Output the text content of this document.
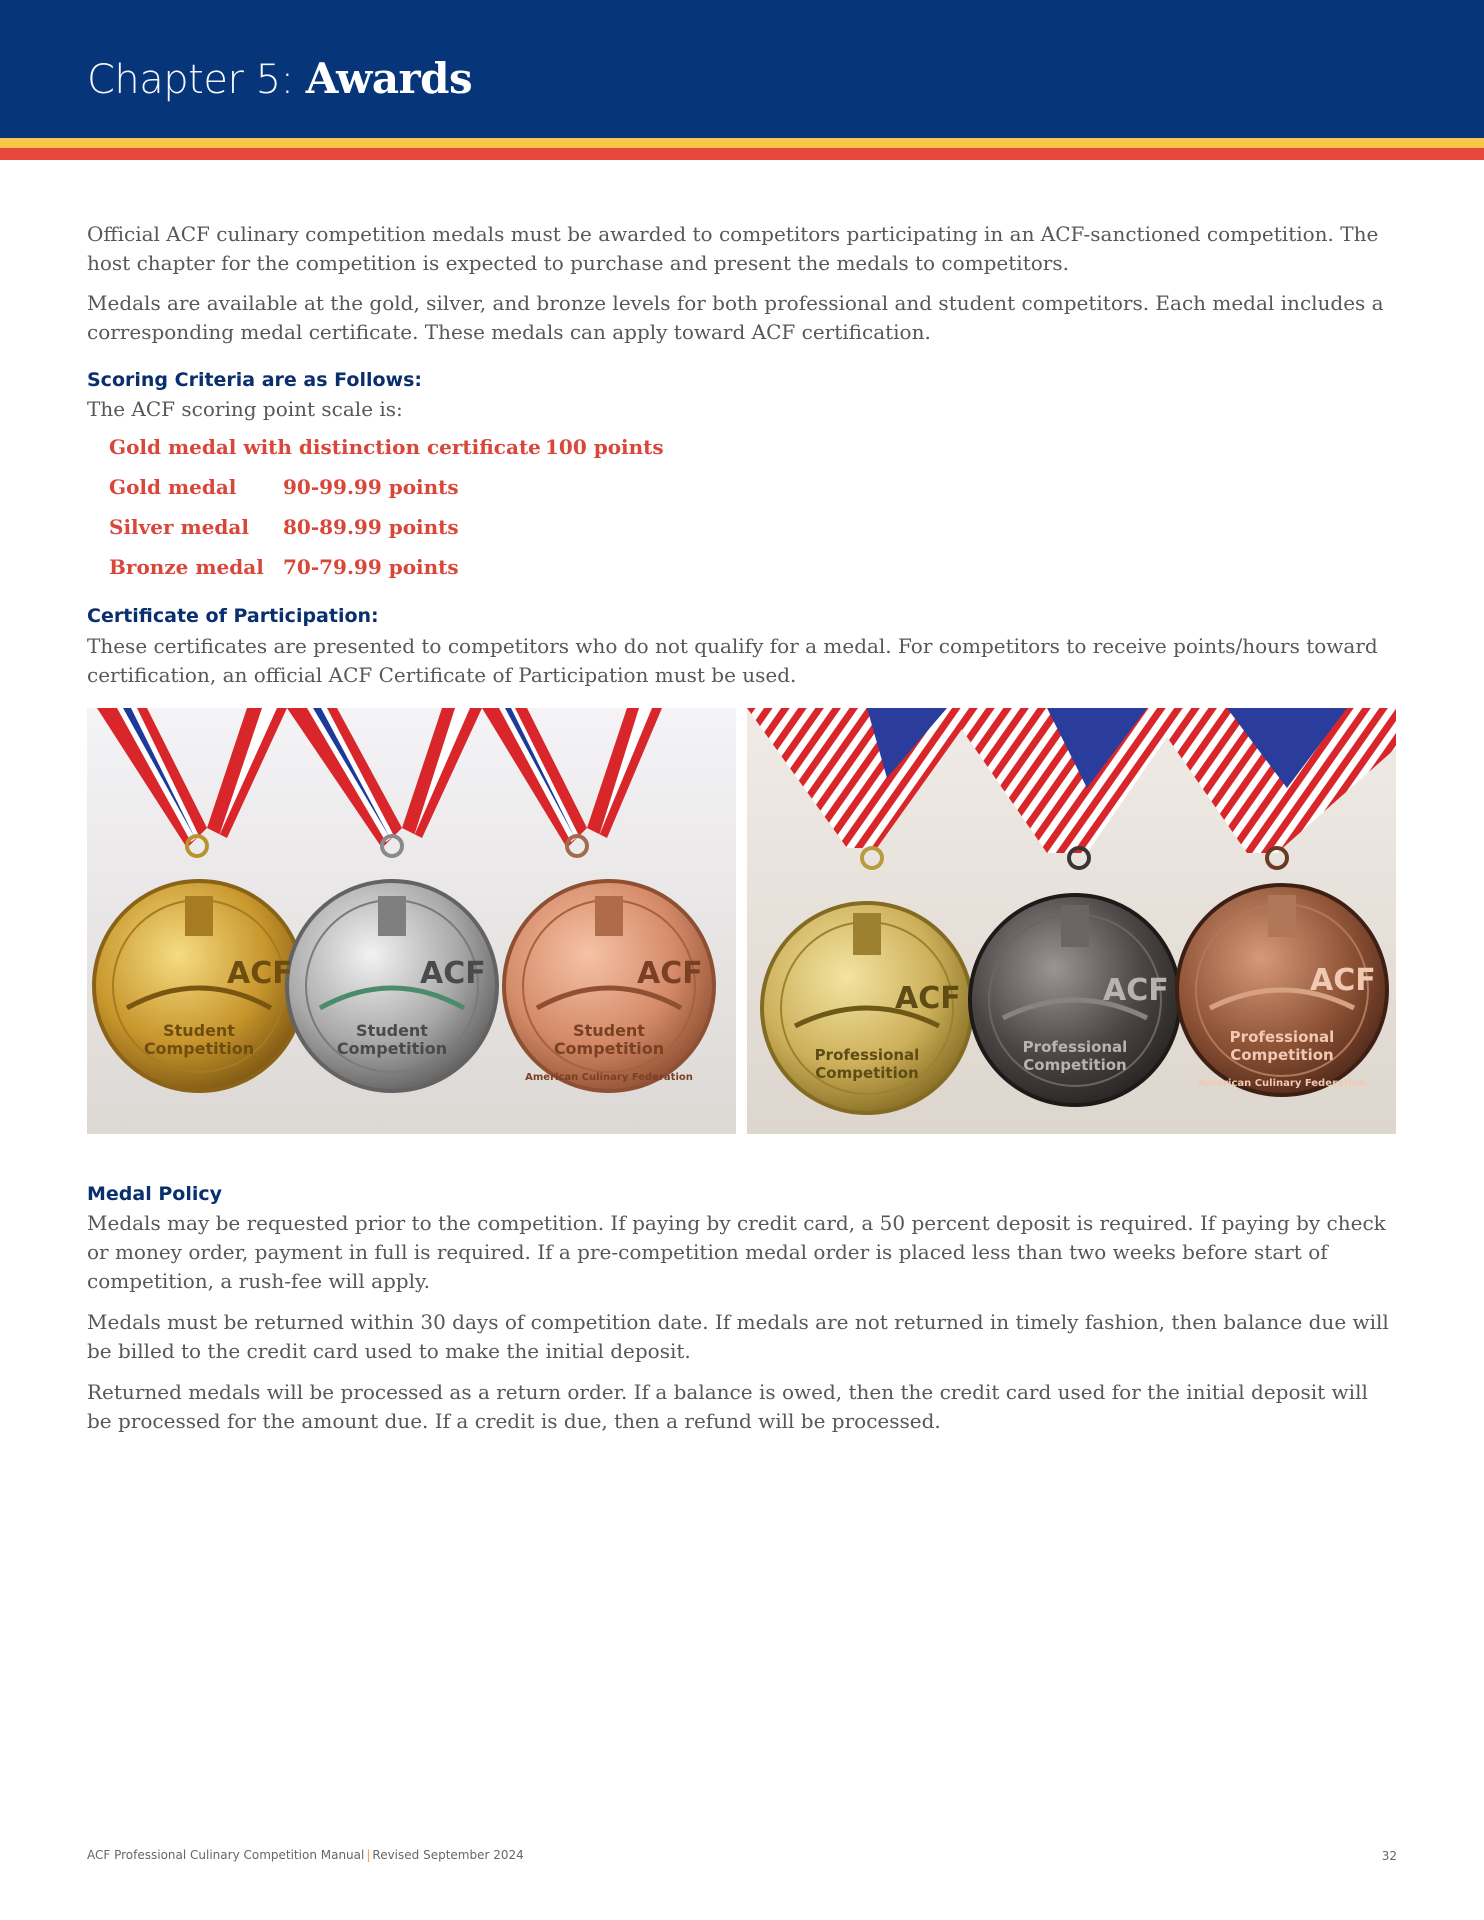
Chapter 5: Awards

Official ACF culinary competition medals must be awarded to competitors participating in an ACF-sanctioned competition. The host chapter for the competition is expected to purchase and present the medals to competitors.

Medals are available at the gold, silver, and bronze levels for both professional and student competitors. Each medal includes a corresponding medal certificate. These medals can apply toward ACF certification.

Scoring Criteria are as Follows:

The ACF scoring point scale is:

Gold medal with distinction certificate 100 points
Gold medal 90-99.99 points
Silver medal 80-89.99 points
Bronze medal 70-79.99 points
Certificate of Participation:

These certificates are presented to competitors who do not qualify for a medal. For competitors to receive points/hours toward certification, an official ACF Certificate of Participation must be used.

ACF
Student
Competition
ACF
Student
Competition
ACF
Student
Competition
American Culinary Federation
ACF
Professional
Competition
ACF
Professional
Competition
ACF
Professional
Competition
American Culinary Federation
Medal Policy

Medals may be requested prior to the competition. If paying by credit card, a 50 percent deposit is required. If paying by check or money order, payment in full is required. If a pre-competition medal order is placed less than two weeks before start of competition, a rush-fee will apply.

Medals must be returned within 30 days of competition date. If medals are not returned in timely fashion, then balance due will be billed to the credit card used to make the initial deposit.

Returned medals will be processed as a return order. If a balance is owed, then the credit card used for the initial deposit will be processed for the amount due. If a credit is due, then a refund will be processed.

ACF Professional Culinary Competition Manual | Revised September 2024	32
